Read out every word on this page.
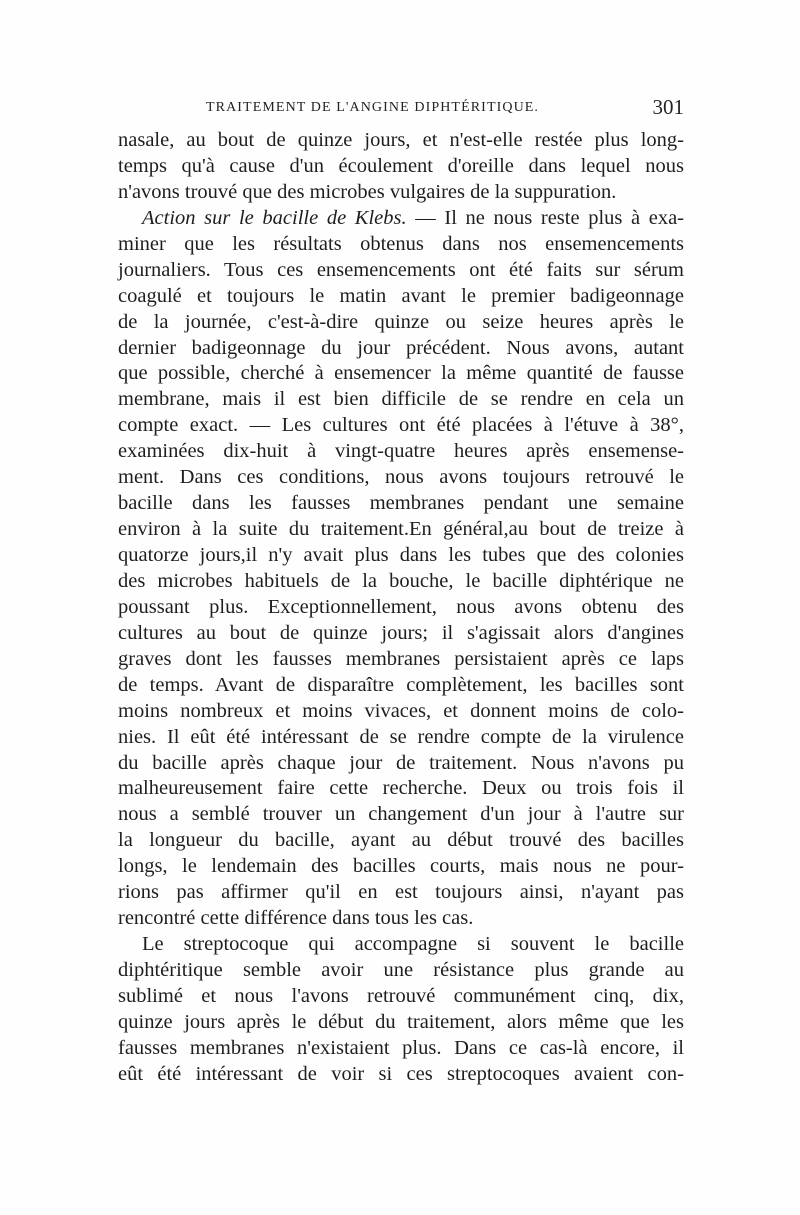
TRAITEMENT DE L'ANGINE DIPHTÉRITIQUE.	301
nasale, au bout de quinze jours, et n'est-elle restée plus long-
temps qu'à cause d'un écoulement d'oreille dans lequel nous
n'avons trouvé que des microbes vulgaires de la suppuration.
Action sur le bacille de Klebs. — Il ne nous reste plus à exa-
miner que les résultats obtenus dans nos ensemencements
journaliers. Tous ces ensemencements ont été faits sur sérum
coagulé et toujours le matin avant le premier badigeonnage
de la journée, c'est-à-dire quinze ou seize heures après le
dernier badigeonnage du jour précédent. Nous avons, autant
que possible, cherché à ensemencer la même quantité de fausse
membrane, mais il est bien difficile de se rendre en cela un
compte exact. — Les cultures ont été placées à l'étuve à 38°,
examinées dix-huit à vingt-quatre heures après ensemense-
ment. Dans ces conditions, nous avons toujours retrouvé le
bacille dans les fausses membranes pendant une semaine
environ à la suite du traitement.En général,au bout de treize à
quatorze jours,il n'y avait plus dans les tubes que des colonies
des microbes habituels de la bouche, le bacille diphtérique ne
poussant plus. Exceptionnellement, nous avons obtenu des
cultures au bout de quinze jours; il s'agissait alors d'angines
graves dont les fausses membranes persistaient après ce laps
de temps. Avant de disparaître complètement, les bacilles sont
moins nombreux et moins vivaces, et donnent moins de colo-
nies. Il eût été intéressant de se rendre compte de la virulence
du bacille après chaque jour de traitement. Nous n'avons pu
malheureusement faire cette recherche. Deux ou trois fois il
nous a semblé trouver un changement d'un jour à l'autre sur
la longueur du bacille, ayant au début trouvé des bacilles
longs, le lendemain des bacilles courts, mais nous ne pour-
rions pas affirmer qu'il en est toujours ainsi, n'ayant pas
rencontré cette différence dans tous les cas.
Le streptocoque qui accompagne si souvent le bacille
diphtéritique semble avoir une résistance plus grande au
sublimé et nous l'avons retrouvé communément cinq, dix,
quinze jours après le début du traitement, alors même que les
fausses membranes n'existaient plus. Dans ce cas-là encore, il
eût été intéressant de voir si ces streptocoques avaient con-
